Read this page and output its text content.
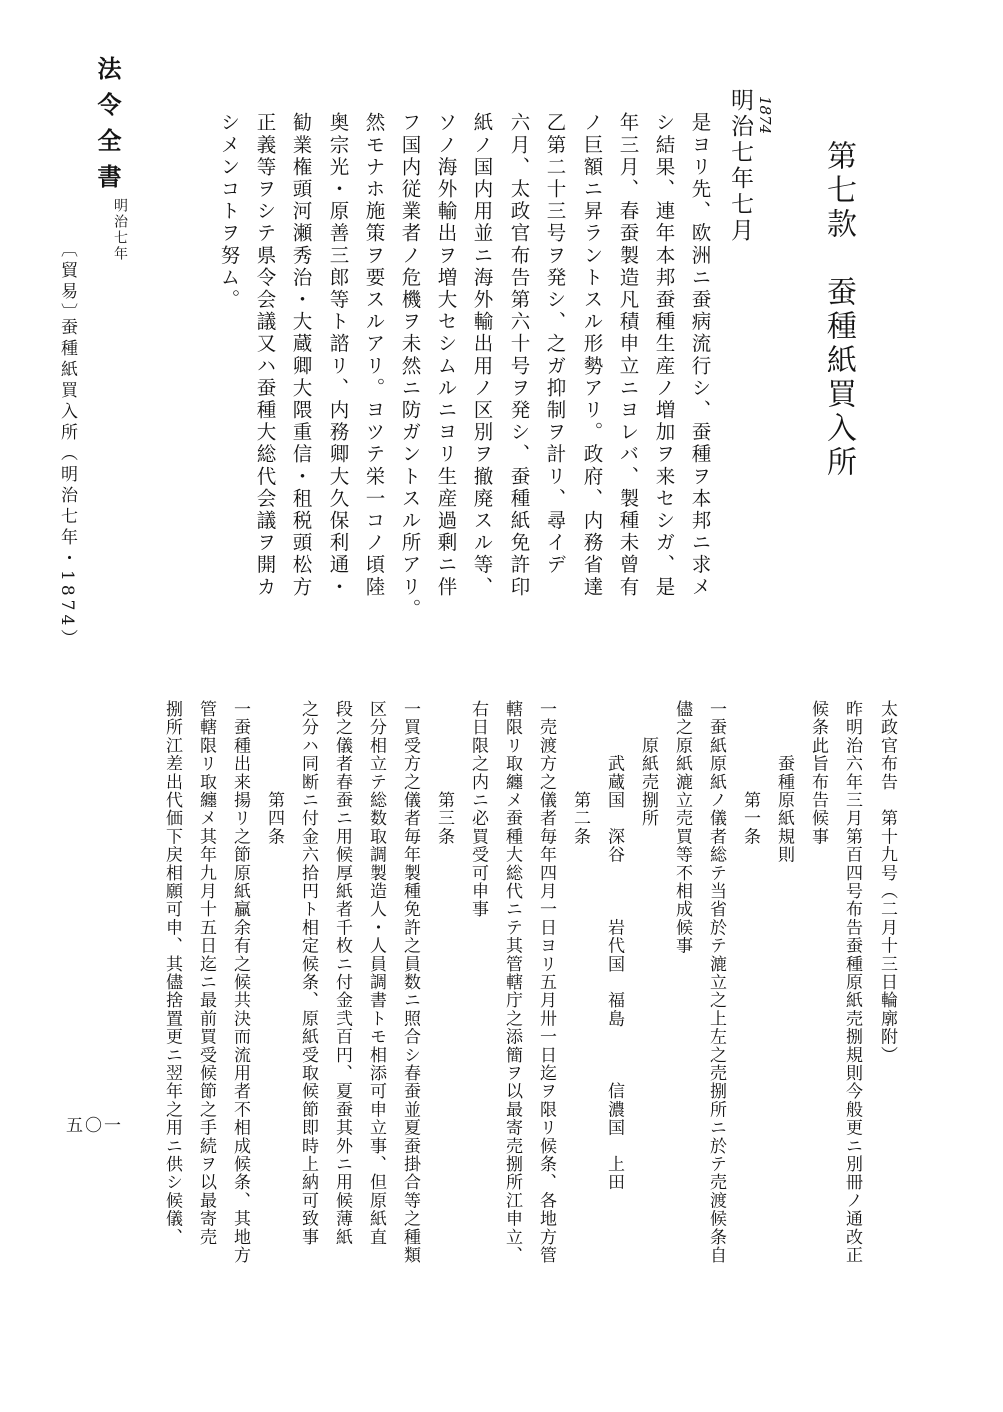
法令全書
明治七年
〔貿易〕
蚕種紙買入所（明治七年・1874）
第七款　蚕種紙買入所
1874
明治七年七月
是ヨリ先、欧洲ニ蚕病流行シ、蚕種ヲ本邦ニ求メ
シ結果、連年本邦蚕種生産ノ増加ヲ来セシガ、是
年三月、春蚕製造凡積申立ニヨレバ、製種未曾有
ノ巨額ニ昇ラントスル形勢アリ。政府、内務省達
乙第二十三号ヲ発シ、之ガ抑制ヲ計リ、尋イデ
六月、太政官布告第六十号ヲ発シ、蚕種紙免許印
紙ノ国内用並ニ海外輸出用ノ区別ヲ撤廃スル等、
ソノ海外輸出ヲ増大セシムルニヨリ生産過剰ニ伴
フ国内従業者ノ危機ヲ未然ニ防ガントスル所アリ。
然モナホ施策ヲ要スルアリ。ヨツテ栄一コノ頃陸
奥宗光・原善三郎等ト諮リ、内務卿大久保利通・
勧業権頭河瀬秀治・大蔵卿大隈重信・租税頭松方
正義等ヲシテ県令会議又ハ蚕種大総代会議ヲ開カ
シメンコトヲ努ム。
太政官布告　第十九号（二月十三日輪廓附）
昨明治六年三月第百四号布告蚕種原紙売捌規則今般更ニ別冊ノ通改正
候条此旨布告候事
　　　蚕種原紙規則
　　　　　第一条
一蚕紙原紙ノ儀者総テ当省於テ漉立之上左之売捌所ニ於テ売渡候条自
儘之原紙漉立売買等不相成候事
　　原紙売捌所
　　　武蔵国　深谷　　　岩代国　福島　　　信濃国　上田
　　　　　第二条
一売渡方之儀者毎年四月一日ヨリ五月卅一日迄ヲ限リ候条、各地方管
轄限リ取纏メ蚕種大総代ニテ其管轄庁之添簡ヲ以最寄売捌所江申立、
右日限之内ニ必買受可申事
　　　　　第三条
一買受方之儀者毎年製種免許之員数ニ照合シ春蚕並夏蚕掛合等之種類
区分相立テ総数取調製造人・人員調書トモ相添可申立事、但原紙直
段之儀者春蚕ニ用候厚紙者千枚ニ付金弐百円、夏蚕其外ニ用候薄紙
之分ハ同断ニ付金六拾円ト相定候条、原紙受取候節即時上納可致事
　　　　　第四条
一蚕種出来揚リ之節原紙贏余有之候共決而流用者不相成候条、其地方
管轄限リ取纏メ其年九月十五日迄ニ最前買受候節之手続ヲ以最寄売
捌所江差出代価下戻相願可申、其儘捨置更ニ翌年之用ニ供シ候儀、
五〇一
